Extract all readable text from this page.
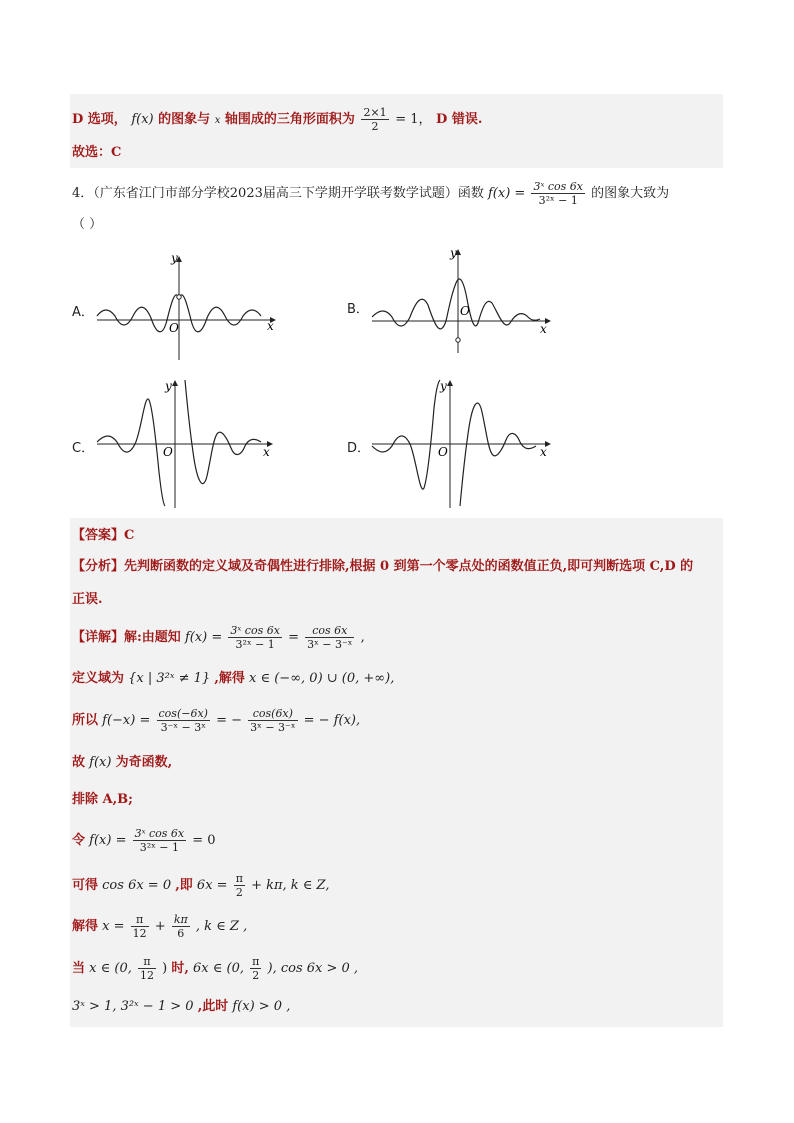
D 选项， f(x) 的图象与 x 轴围成的三角形面积为 $\frac{2\times 1}{2} = 1$， D 错误.
故选：C
4．（广东省江门市部分学校2023届高三下学期开学联考数学试题）函数 $f(x) = \frac{\text{3ˣ cos 6x}}{\text{3²ˣ − 1}}$ 的图象大致为
（ ）
A．
y
x
O
B．
y
x
O
C．
y
x
O	D．
y
x
O
【答案】C
【分析】先判断函数的定义域及奇偶性进行排除,根据 0 到第一个零点处的函数值正负,即可判断选项 C,D 的
正误.
【详解】解:由题知 $f(x) = \frac{\text{3ˣ cos 6x}}{\text{3²ˣ − 1}} = \frac{\cos 6x}{\text{3ˣ − 3⁻ˣ}}$ ,
定义域为 {x | 3²ˣ ≠ 1} ,解得 x ∈ (−∞, 0) ∪ (0, +∞),
所以 $f(-x) = \frac{\cos(-6x)}{\text{3⁻ˣ − 3ˣ}}$ = − $\frac{\cos(6x)}{\text{3ˣ − 3⁻ˣ}}$ = − f(x),
故 f(x) 为奇函数,
排除 A,B;
令 $f(x) = \frac{\text{3ˣ cos 6x}}{\text{3²ˣ − 1}} = 0$
可得 cos 6x = 0 ,即 $6x = \frac{\pi}{2} + k\pi$, k ∈ Z,
解得 $x = \frac{\pi}{12} + \frac{k\pi}{6}$ , k ∈ Z ,
当 x ∈ (0, $\frac{\pi}{12}$ ) 时, 6x ∈ (0, $\frac{\pi}{2}$ ), cos 6x > 0 ,
3ˣ > 1, 3²ˣ − 1 > 0 ,此时 f(x) > 0 ,
